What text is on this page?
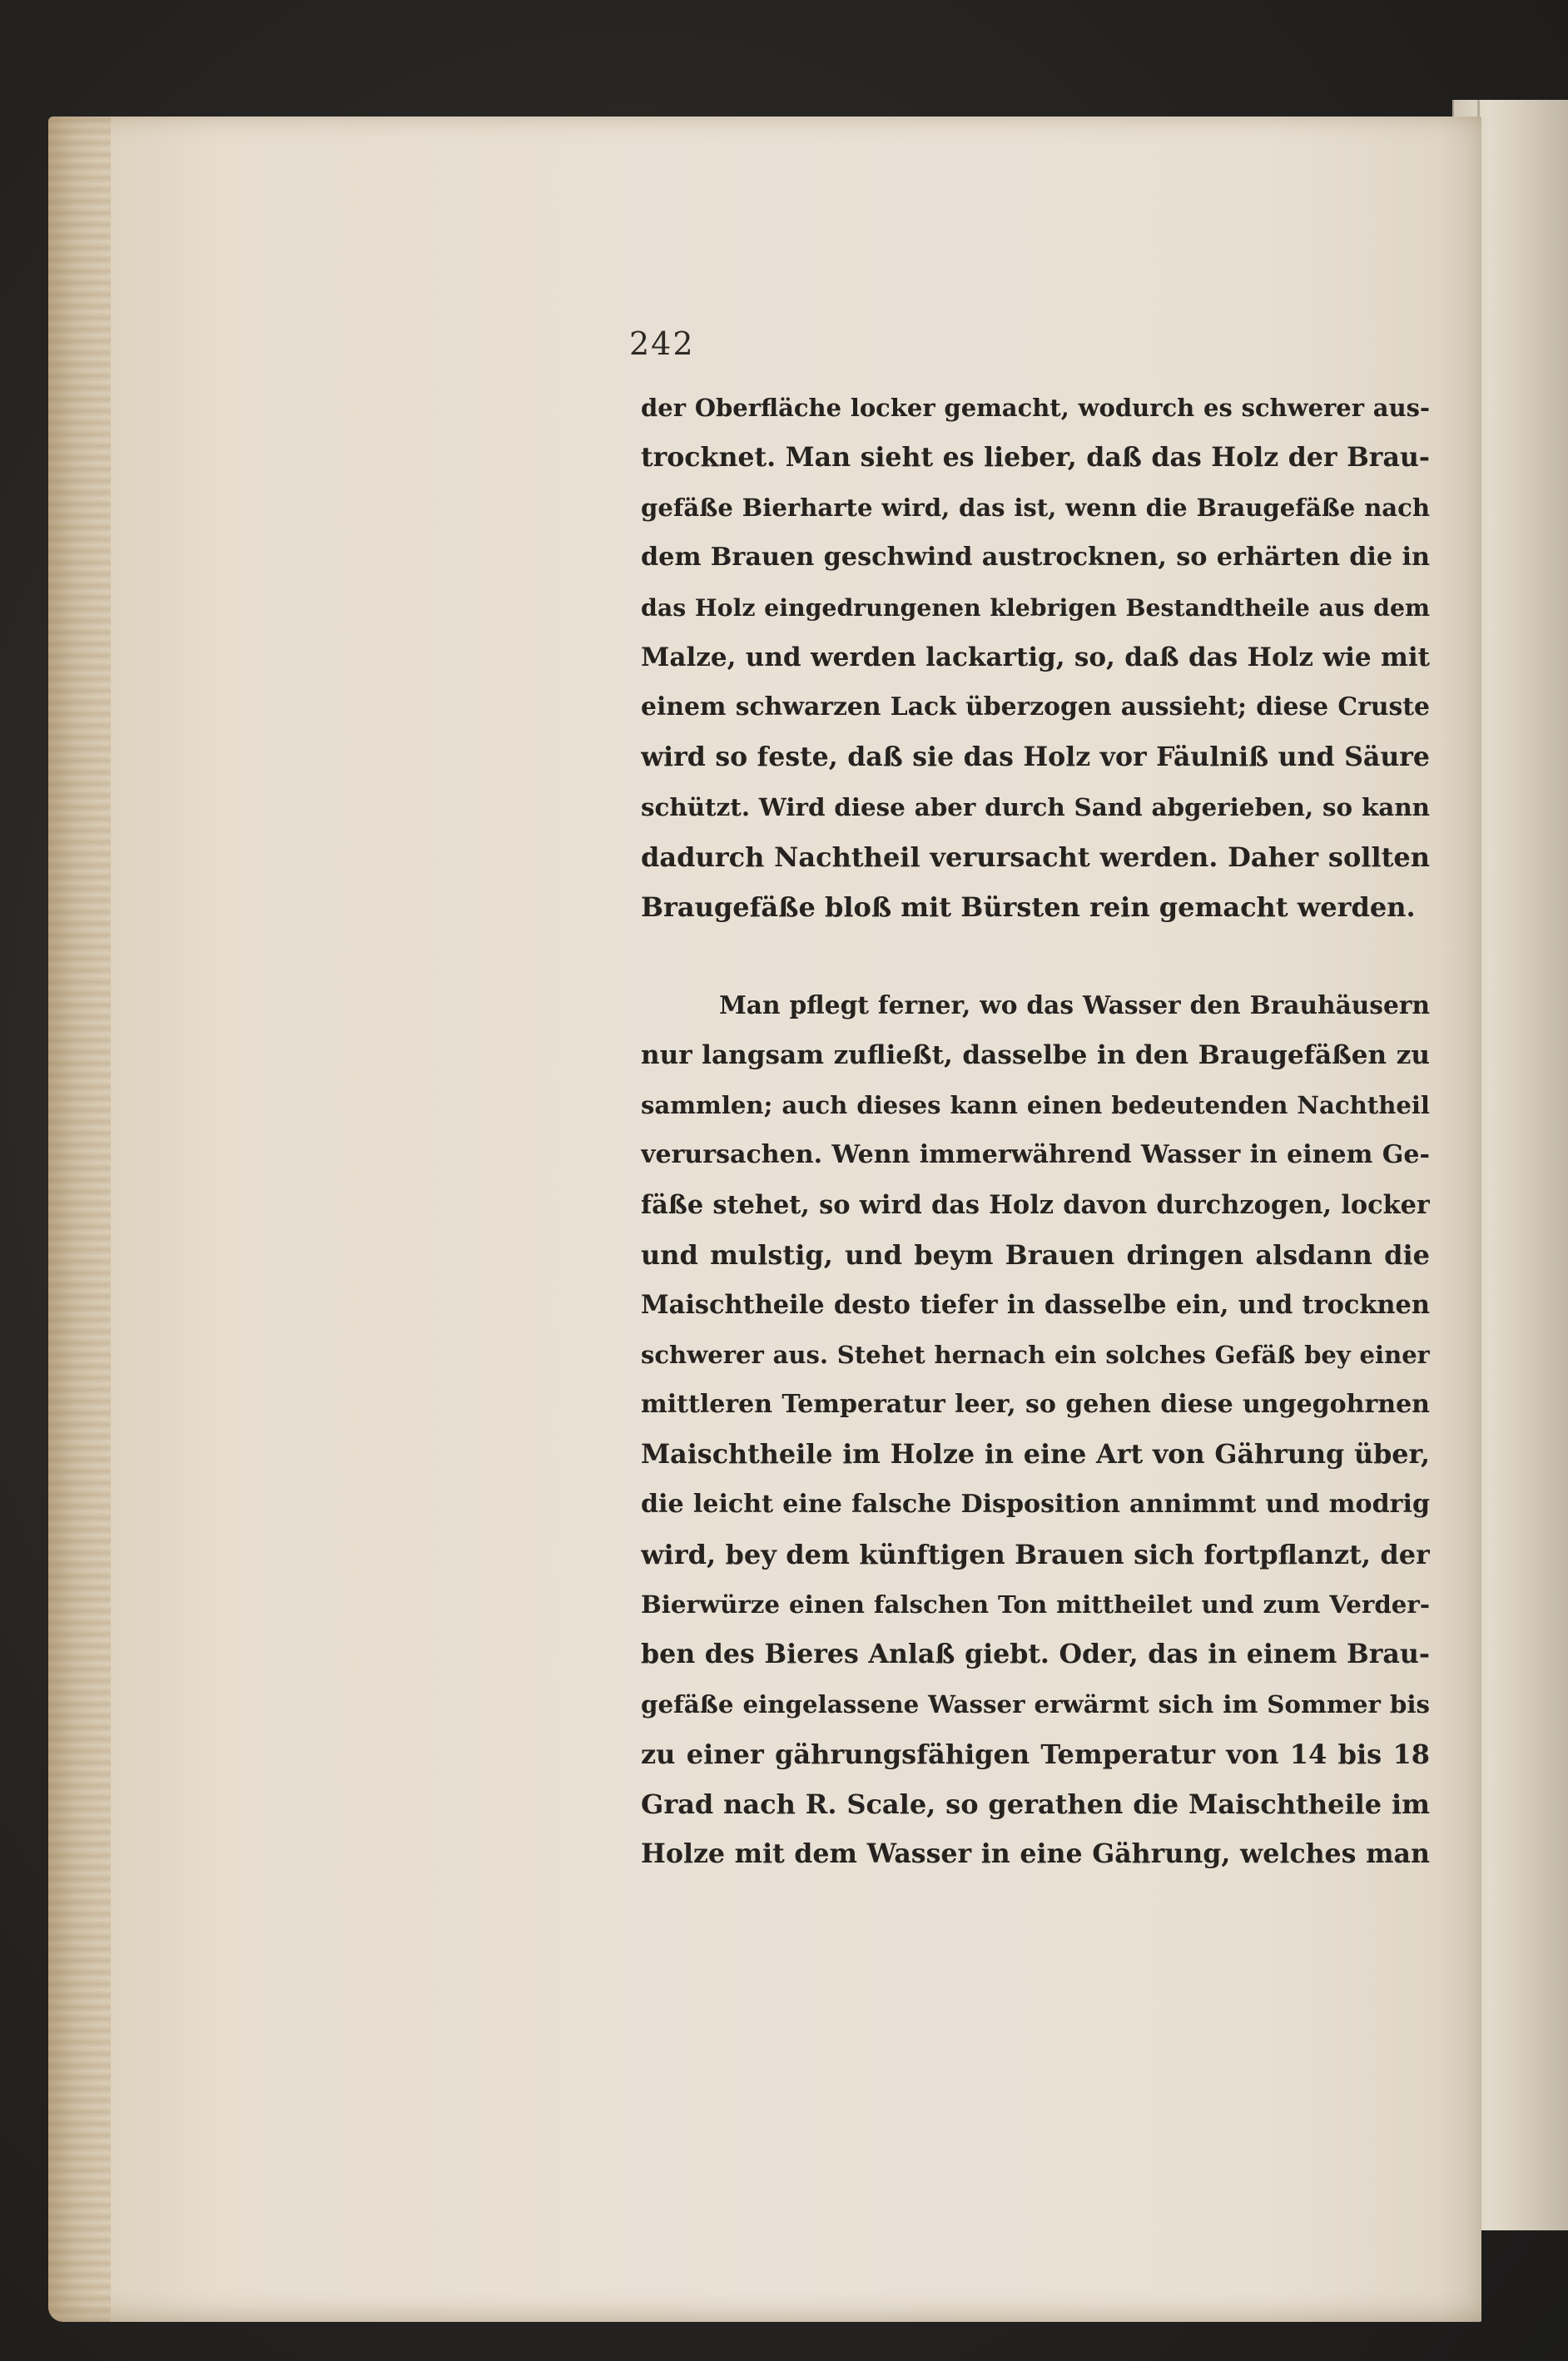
242

der Oberfläche locker gemacht, wodurch es schwerer aus-
trocknet. Man sieht es lieber, daß das Holz der Brau-
gefäße Bierharte wird, das ist, wenn die Braugefäße nach
dem Brauen geschwind austrocknen, so erhärten die in
das Holz eingedrungenen klebrigen Bestandtheile aus dem
Malze, und werden lackartig, so, daß das Holz wie mit
einem schwarzen Lack überzogen aussieht; diese Cruste
wird so feste, daß sie das Holz vor Fäulniß und Säure
schützt. Wird diese aber durch Sand abgerieben, so kann
dadurch Nachtheil verursacht werden. Daher sollten
Braugefäße bloß mit Bürsten rein gemacht werden.

Man pflegt ferner, wo das Wasser den Brauhäusern
nur langsam zufließt, dasselbe in den Braugefäßen zu
sammlen; auch dieses kann einen bedeutenden Nachtheil
verursachen. Wenn immerwährend Wasser in einem Ge-
fäße stehet, so wird das Holz davon durchzogen, locker
und mulstig, und beym Brauen dringen alsdann die
Maischtheile desto tiefer in dasselbe ein, und trocknen
schwerer aus. Stehet hernach ein solches Gefäß bey einer
mittleren Temperatur leer, so gehen diese ungegohrnen
Maischtheile im Holze in eine Art von Gährung über,
die leicht eine falsche Disposition annimmt und modrig
wird, bey dem künftigen Brauen sich fortpflanzt, der
Bierwürze einen falschen Ton mittheilet und zum Verder-
ben des Bieres Anlaß giebt. Oder, das in einem Brau-
gefäße eingelassene Wasser erwärmt sich im Sommer bis
zu einer gährungsfähigen Temperatur von 14 bis 18
Grad nach R. Scale, so gerathen die Maischtheile im
Holze mit dem Wasser in eine Gährung, welches man
